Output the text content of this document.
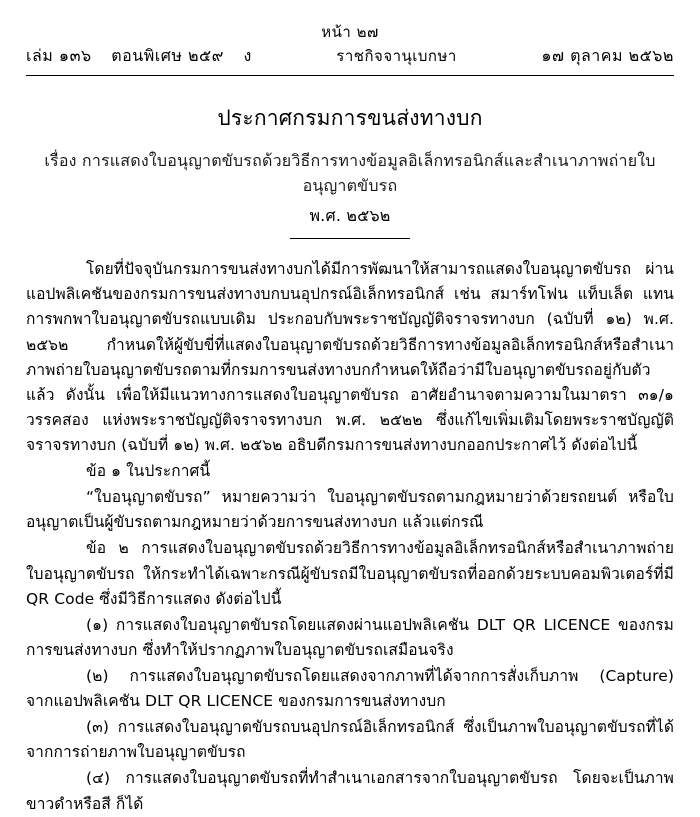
หน้า ๒๗
เล่ม ๑๓๖ ตอนพิเศษ ๒๕๙ ง	ราชกิจจานุเบกษา	๑๗ ตุลาคม ๒๕๖๒
ประกาศกรมการขนส่งทางบก
เรื่อง การแสดงใบอนุญาตขับรถด้วยวิธีการทางข้อมูลอิเล็กทรอนิกส์และสำเนาภาพถ่ายใบอนุญาตขับรถ
พ.ศ. ๒๕๖๒

โดยที่ปัจจุบันกรมการขนส่งทางบกได้มีการพัฒนาให้สามารถแสดงใบอนุญาตขับรถ ผ่านแอปพลิเคชันของกรมการขนส่งทางบกบนอุปกรณ์อิเล็กทรอนิกส์ เช่น สมาร์ทโฟน แท็บเล็ต แทนการพกพาใบอนุญาตขับรถแบบเดิม ประกอบกับพระราชบัญญัติจราจรทางบก (ฉบับที่ ๑๒) พ.ศ. ๒๕๖๒ กำหนดให้ผู้ขับขี่ที่แสดงใบอนุญาตขับรถด้วยวิธีการทางข้อมูลอิเล็กทรอนิกส์หรือสำเนาภาพถ่ายใบอนุญาตขับรถตามที่กรมการขนส่งทางบกกำหนดให้ถือว่ามีใบอนุญาตขับรถอยู่กับตัวแล้ว ดังนั้น เพื่อให้มีแนวทางการแสดงใบอนุญาตขับรถ อาศัยอำนาจตามความในมาตรา ๓๑/๑ วรรคสอง แห่งพระราชบัญญัติจราจรทางบก พ.ศ. ๒๕๒๒ ซึ่งแก้ไขเพิ่มเติมโดยพระราชบัญญัติจราจรทางบก (ฉบับที่ ๑๒) พ.ศ. ๒๕๖๒ อธิบดีกรมการขนส่งทางบกออกประกาศไว้ ดังต่อไปนี้

ข้อ ๑ ในประกาศนี้

“ใบอนุญาตขับรถ” หมายความว่า ใบอนุญาตขับรถตามกฎหมายว่าด้วยรถยนต์ หรือใบอนุญาตเป็นผู้ขับรถตามกฎหมายว่าด้วยการขนส่งทางบก แล้วแต่กรณี

ข้อ ๒ การแสดงใบอนุญาตขับรถด้วยวิธีการทางข้อมูลอิเล็กทรอนิกส์หรือสำเนาภาพถ่ายใบอนุญาตขับรถ ให้กระทำได้เฉพาะกรณีผู้ขับรถมีใบอนุญาตขับรถที่ออกด้วยระบบคอมพิวเตอร์ที่มี QR Code ซึ่งมีวิธีการแสดง ดังต่อไปนี้

(๑) การแสดงใบอนุญาตขับรถโดยแสดงผ่านแอปพลิเคชัน DLT QR LICENCE ของกรมการขนส่งทางบก ซึ่งทำให้ปรากฏภาพใบอนุญาตขับรถเสมือนจริง

(๒) การแสดงใบอนุญาตขับรถโดยแสดงจากภาพที่ได้จากการสั่งเก็บภาพ (Capture) จากแอปพลิเคชัน DLT QR LICENCE ของกรมการขนส่งทางบก

(๓) การแสดงใบอนุญาตขับรถบนอุปกรณ์อิเล็กทรอนิกส์ ซึ่งเป็นภาพใบอนุญาตขับรถที่ได้จากการถ่ายภาพใบอนุญาตขับรถ

(๔) การแสดงใบอนุญาตขับรถที่ทำสำเนาเอกสารจากใบอนุญาตขับรถ โดยจะเป็นภาพขาวดำหรือสี ก็ได้
